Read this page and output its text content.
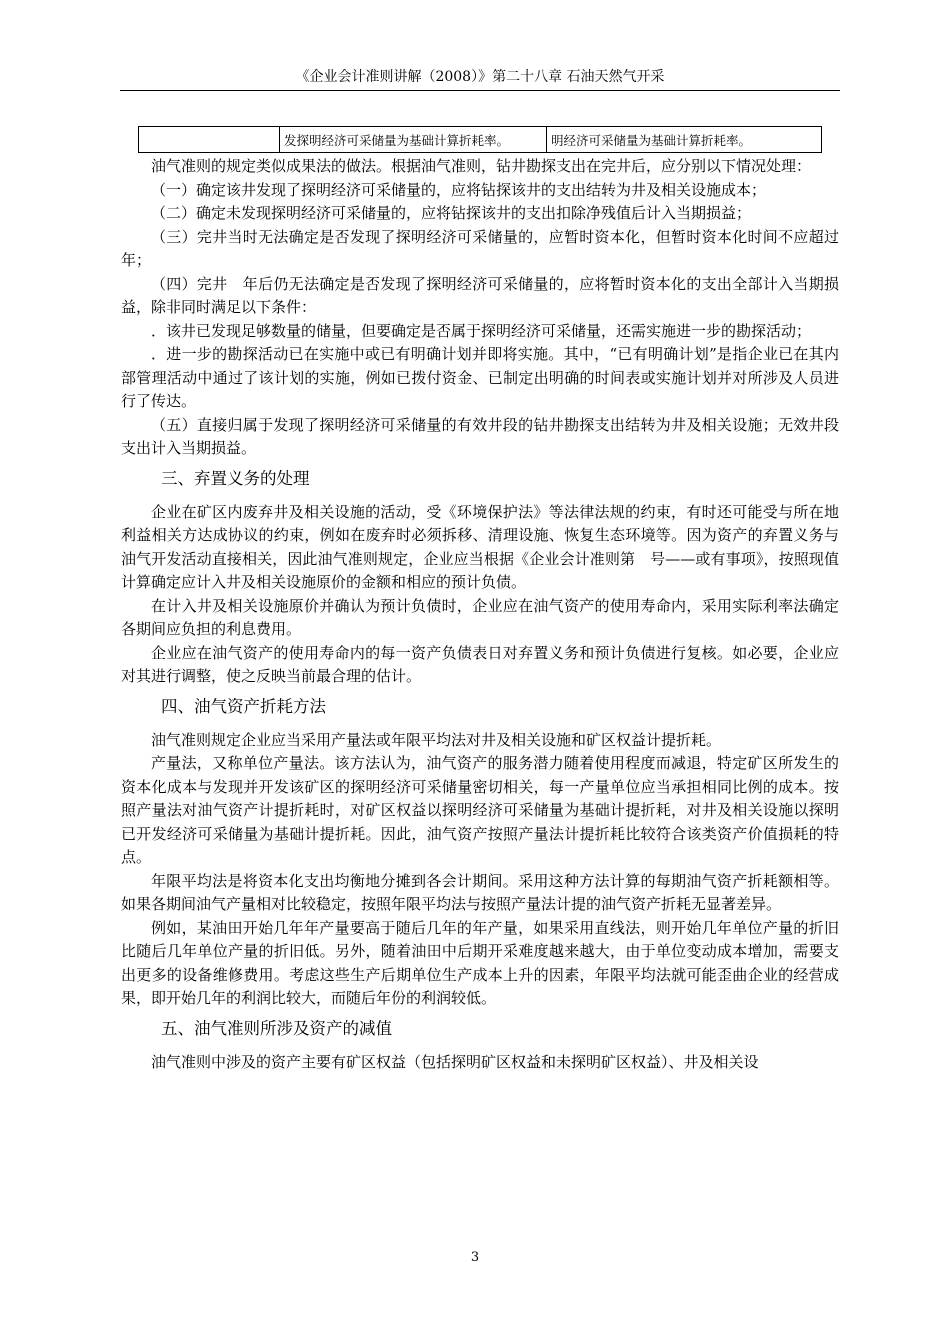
《企业会计准则讲解（2008）》第二十八章 石油天然气开采
	发探明经济可采储量为基础计算折耗率。	明经济可采储量为基础计算折耗率。

油气准则的规定类似成果法的做法。根据油气准则，钻井勘探支出在完井后，应分别以下情况处理：

（一）确定该井发现了探明经济可采储量的，应将钻探该井的支出结转为井及相关设施成本；

（二）确定未发现探明经济可采储量的，应将钻探该井的支出扣除净残值后计入当期损益；

（三）完井当时无法确定是否发现了探明经济可采储量的，应暂时资本化，但暂时资本化时间不应超过　年；

（四）完井　年后仍无法确定是否发现了探明经济可采储量的，应将暂时资本化的支出全部计入当期损益，除非同时满足以下条件：

．该井已发现足够数量的储量，但要确定是否属于探明经济可采储量，还需实施进一步的勘探活动；

．进一步的勘探活动已在实施中或已有明确计划并即将实施。其中，“已有明确计划”是指企业已在其内部管理活动中通过了该计划的实施，例如已拨付资金、已制定出明确的时间表或实施计划并对所涉及人员进行了传达。

（五）直接归属于发现了探明经济可采储量的有效井段的钻井勘探支出结转为井及相关设施；无效井段支出计入当期损益。

三、弃置义务的处理

企业在矿区内废弃井及相关设施的活动，受《环境保护法》等法律法规的约束，有时还可能受与所在地利益相关方达成协议的约束，例如在废弃时必须拆移、清理设施、恢复生态环境等。因为资产的弃置义务与油气开发活动直接相关，因此油气准则规定，企业应当根据《企业会计准则第　号——或有事项》，按照现值计算确定应计入井及相关设施原价的金额和相应的预计负债。

在计入井及相关设施原价并确认为预计负债时，企业应在油气资产的使用寿命内，采用实际利率法确定各期间应负担的利息费用。

企业应在油气资产的使用寿命内的每一资产负债表日对弃置义务和预计负债进行复核。如必要，企业应对其进行调整，使之反映当前最合理的估计。

四、油气资产折耗方法

油气准则规定企业应当采用产量法或年限平均法对井及相关设施和矿区权益计提折耗。

产量法，又称单位产量法。该方法认为，油气资产的服务潜力随着使用程度而减退，特定矿区所发生的资本化成本与发现并开发该矿区的探明经济可采储量密切相关，每一产量单位应当承担相同比例的成本。按照产量法对油气资产计提折耗时，对矿区权益以探明经济可采储量为基础计提折耗，对井及相关设施以探明已开发经济可采储量为基础计提折耗。因此，油气资产按照产量法计提折耗比较符合该类资产价值损耗的特点。

年限平均法是将资本化支出均衡地分摊到各会计期间。采用这种方法计算的每期油气资产折耗额相等。如果各期间油气产量相对比较稳定，按照年限平均法与按照产量法计提的油气资产折耗无显著差异。

例如，某油田开始几年年产量要高于随后几年的年产量，如果采用直线法，则开始几年单位产量的折旧比随后几年单位产量的折旧低。另外，随着油田中后期开采难度越来越大，由于单位变动成本增加，需要支出更多的设备维修费用。考虑这些生产后期单位生产成本上升的因素，年限平均法就可能歪曲企业的经营成果，即开始几年的利润比较大，而随后年份的利润较低。

五、油气准则所涉及资产的减值

油气准则中涉及的资产主要有矿区权益（包括探明矿区权益和未探明矿区权益）、井及相关设

3
